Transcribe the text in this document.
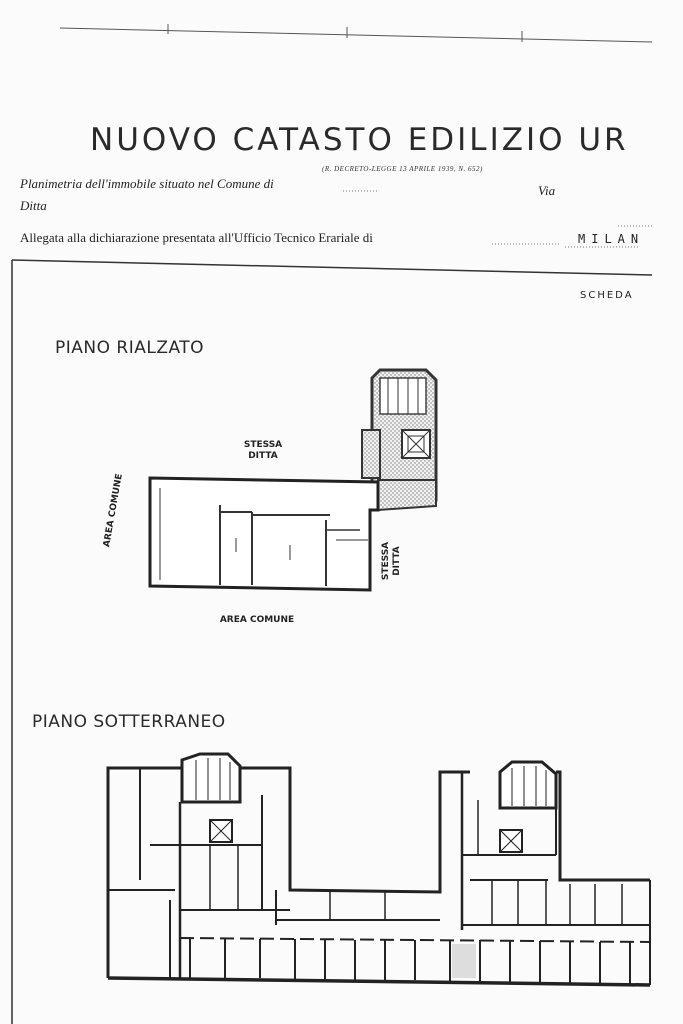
NUOVO CATASTO EDILIZIO UR
(R. DECRETO-LEGGE 13 APRILE 1939, N. 652)
Planimetria dell'immobile situato nel Comune di	Via
Ditta
Allegata alla dichiarazione presentata all'Ufficio Tecnico Erariale di	MILAN
SCHEDA
PIANO RIALZATO
PIANO SOTTERRANEO
STESSA DITTA
STESSA DITTA
AREA COMUNE
AREA COMUNE
